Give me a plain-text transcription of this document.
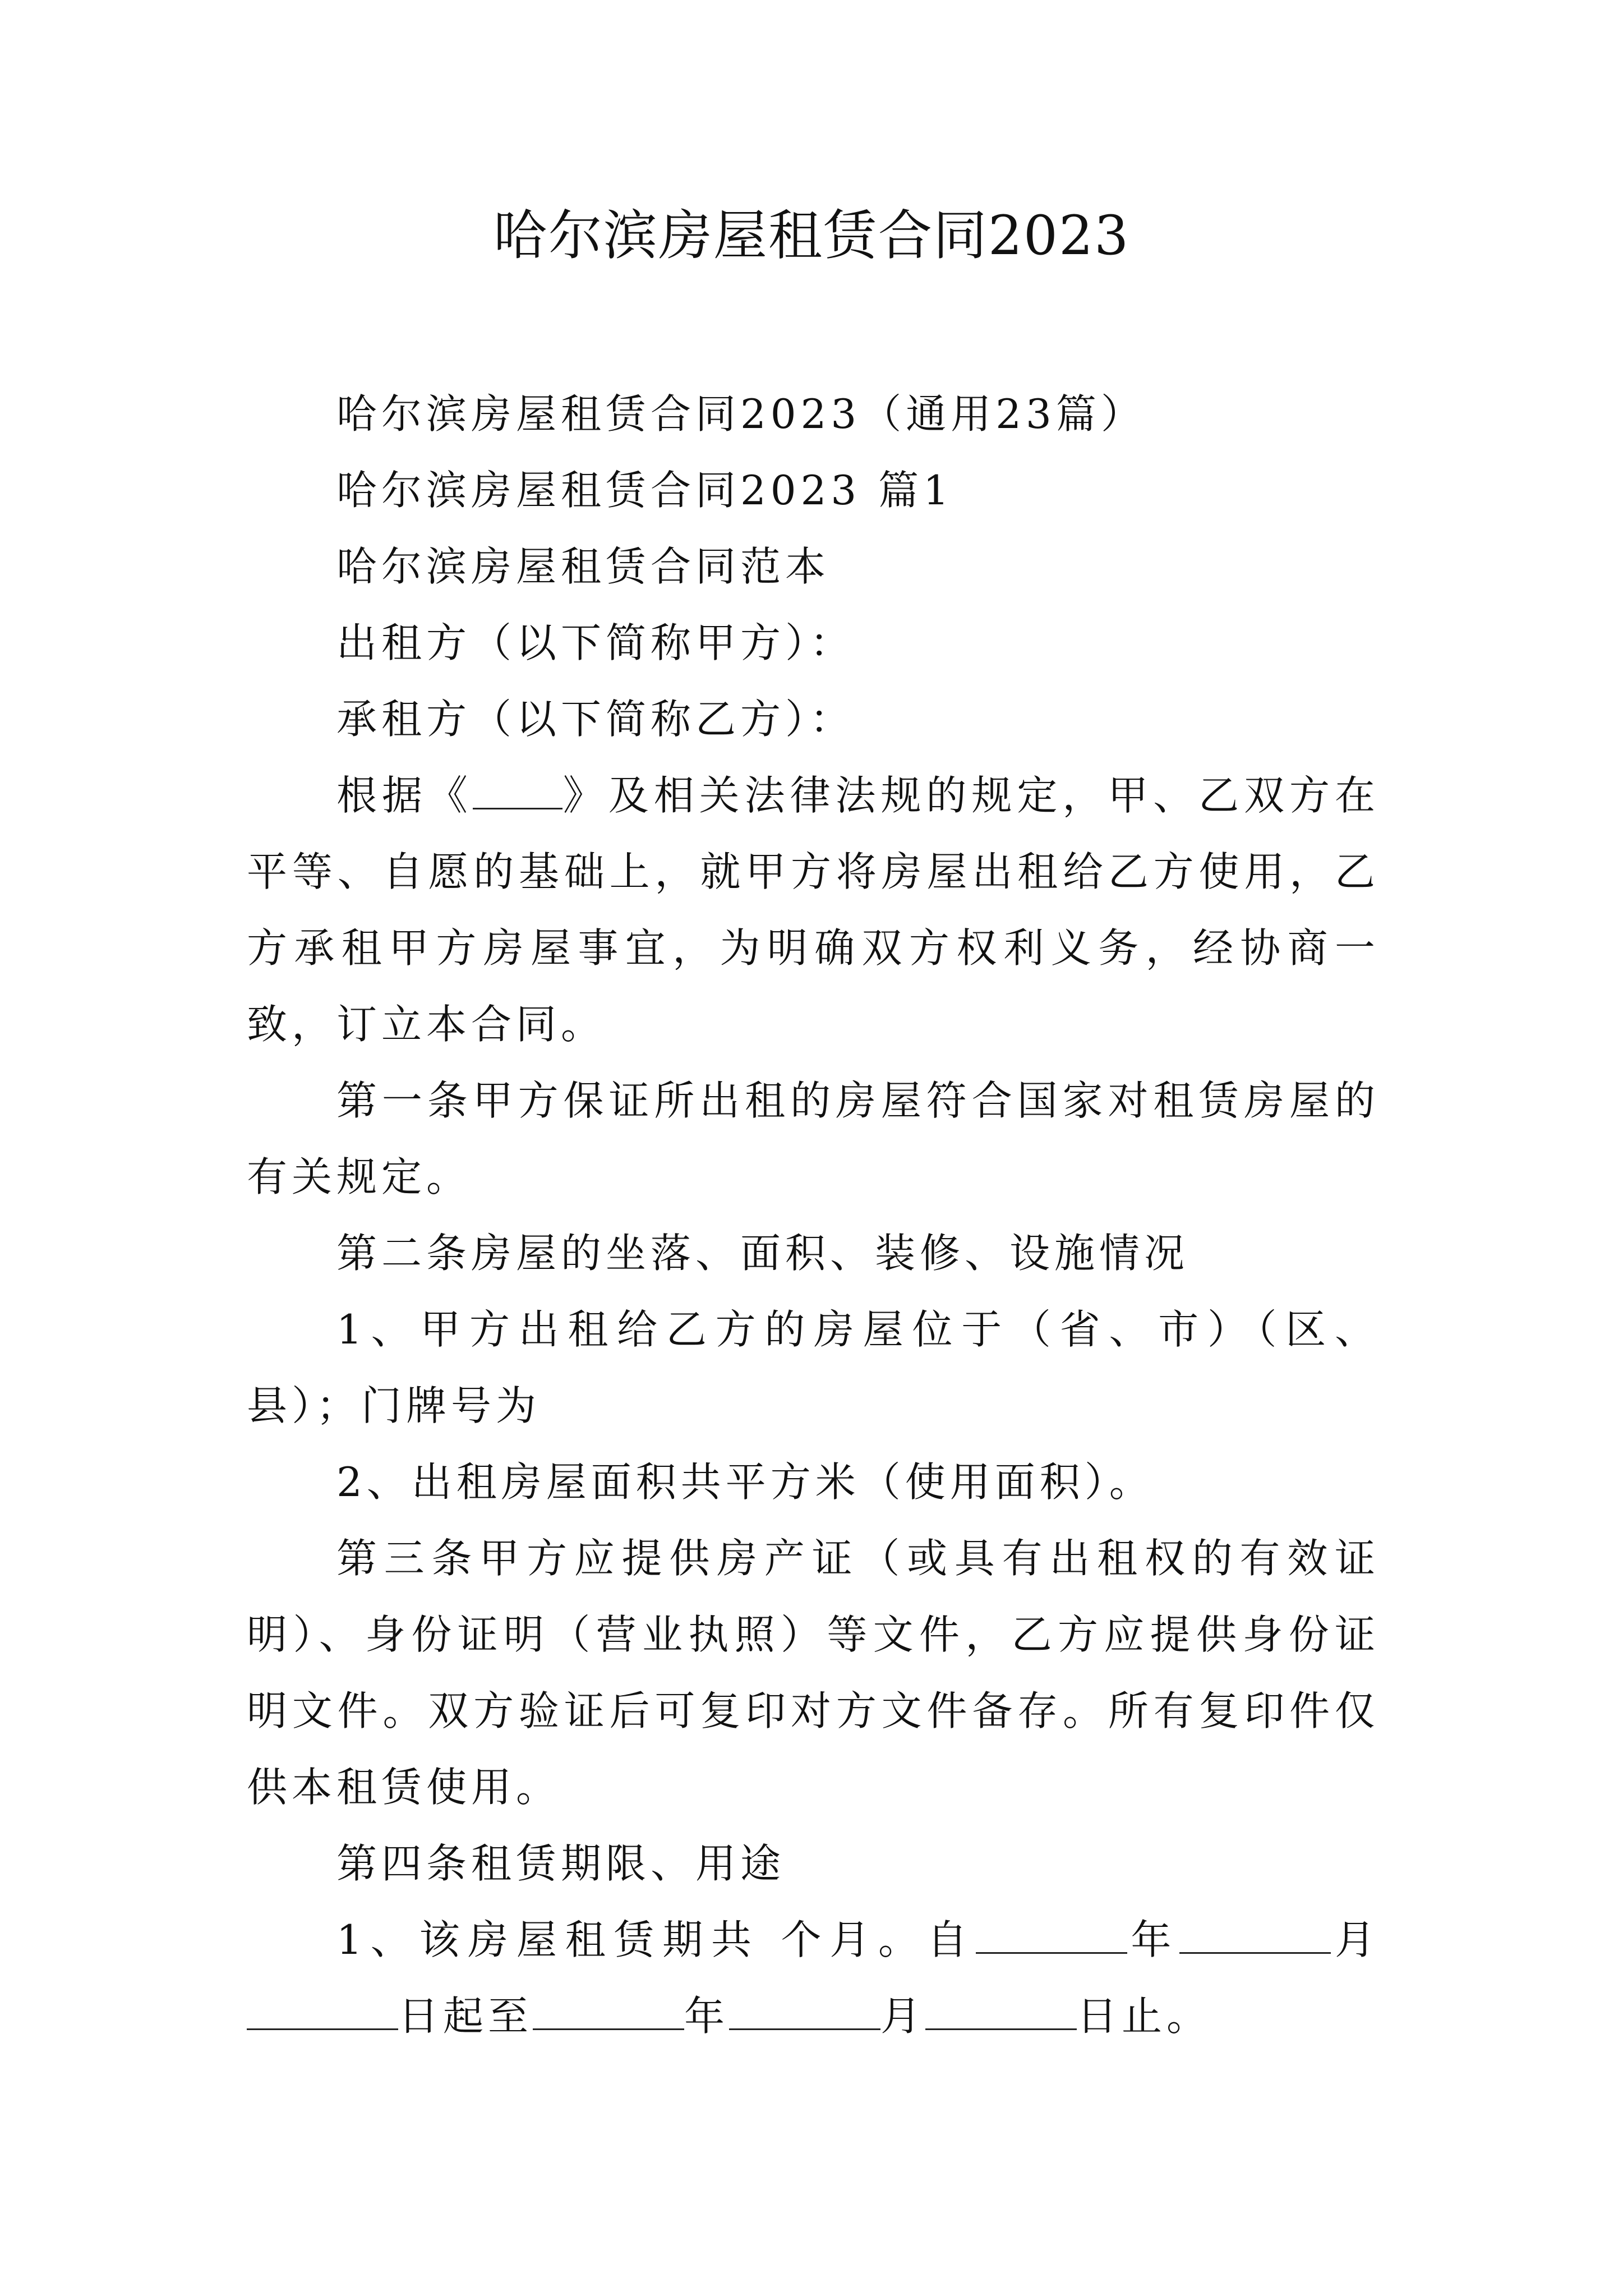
哈尔滨房屋租赁合同2023

哈尔滨房屋租赁合同2023（通用23篇）

哈尔滨房屋租赁合同2023 篇1

哈尔滨房屋租赁合同范本

出租方（以下简称甲方）：

承租方（以下简称乙方）：

根据《 》及相关法律法规的规定，甲、乙双方在平等、自愿的基础上，就甲方将房屋出租给乙方使用，乙方承租甲方房屋事宜，为明确双方权利义务，经协商一致，订立本合同。

第一条甲方保证所出租的房屋符合国家对租赁房屋的有关规定。

第二条房屋的坐落、面积、装修、设施情况

1、甲方出租给乙方的房屋位于（省、市）（区、县）；门牌号为

2、出租房屋面积共平方米（使用面积）。

第三条甲方应提供房产证（或具有出租权的有效证明）、身份证明（营业执照）等文件，乙方应提供身份证明文件。双方验证后可复印对方文件备存。所有复印件仅供本租赁使用。

第四条租赁期限、用途

1、该房屋租赁期共 个月。自	年	月日起至	年	月	日止。
